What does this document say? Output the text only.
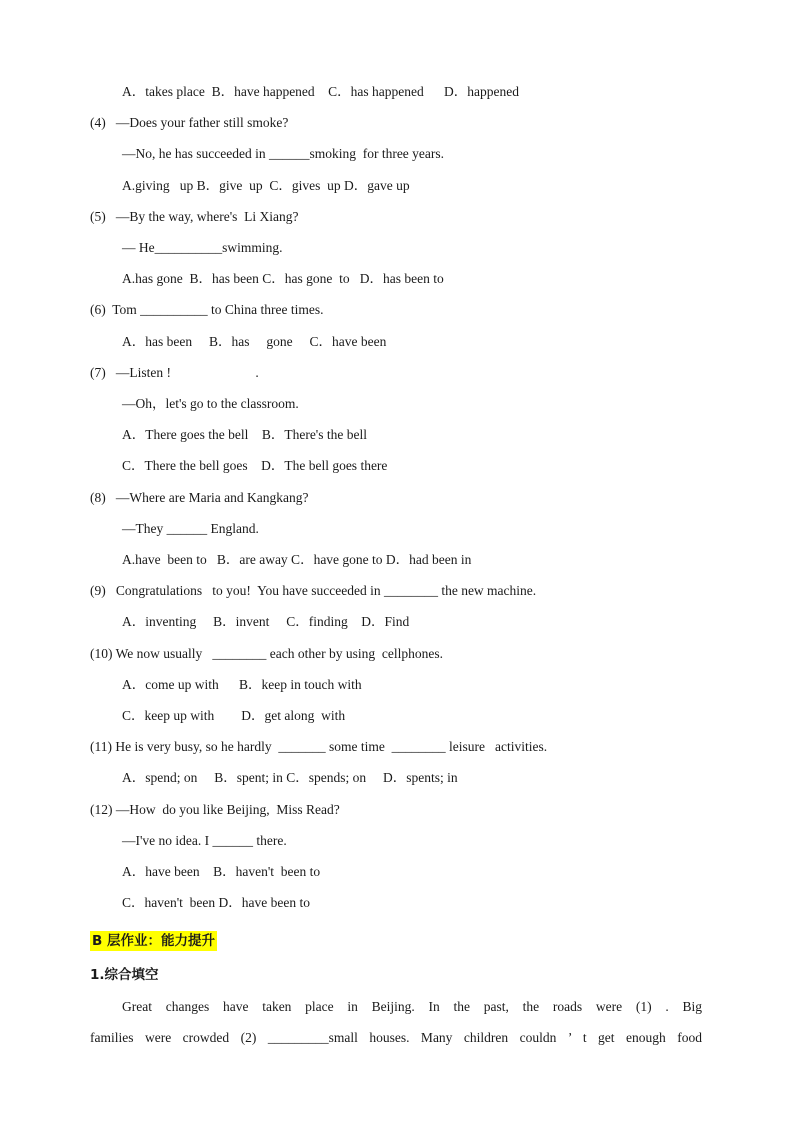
A．takes place  B．have happened    C．has happened      D．happened
(4)   —Does your father still smoke?
—No, he has succeeded in ______smoking  for three years.
A.giving   up B．give  up  C．gives  up D．gave up
(5)   —By the way, where's  Li Xiang?
— He__________swimming.
A.has gone  B．has been C．has gone  to   D．has been to
(6)  Tom __________ to China three times.
A．has been     B．has     gone     C．have been
(7)   —Listen !                         .
—Oh，let's go to the classroom.
A．There goes the bell    B．There's the bell
C．There the bell goes    D．The bell goes there
(8)   —Where are Maria and Kangkang?
—They ______ England.
A.have  been to   B．are away C．have gone to D．had been in
(9)   Congratulations   to you!  You have succeeded in ________ the new machine.
A．inventing     B．invent     C．finding    D．Find
(10) We now usually   ________ each other by using  cellphones.
A．come up with      B．keep in touch with
C．keep up with        D．get along  with
(11) He is very busy, so he hardly  _______ some time  ________ leisure   activities.
A．spend; on     B．spent; in C．spends; on     D．spents; in
(12) —How  do you like Beijing,  Miss Read?
—I've no idea. I ______ there.
A．have been    B．haven't  been to
C．haven't  been D．have been to
B 层作业：能力提升
1.综合填空
Great changes have taken place in Beijing. In the past, the roads were (1) . Big
families were crowded (2) _________small houses. Many children couldn ’ t get enough food
